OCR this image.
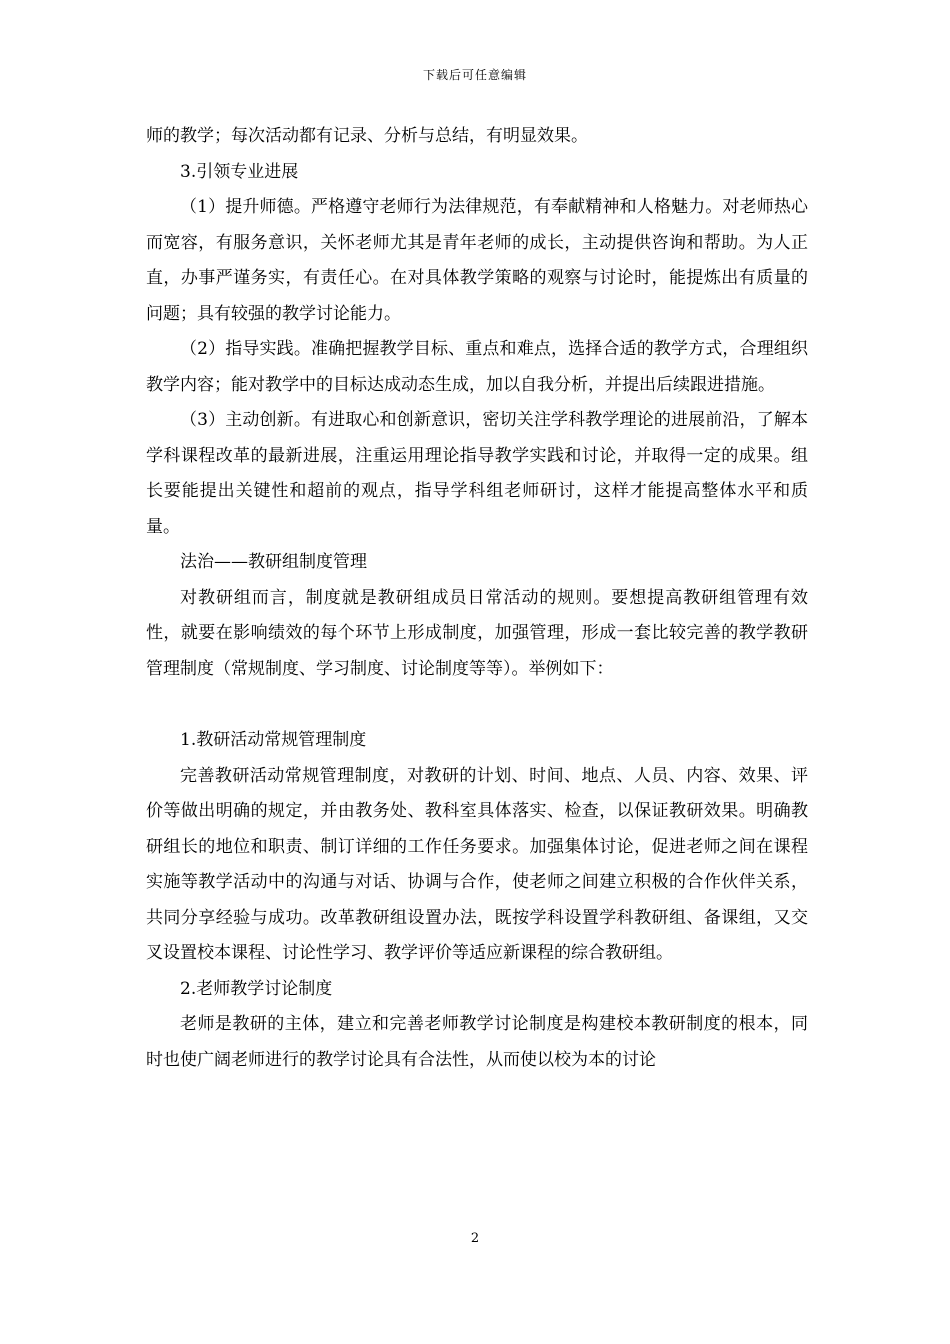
下载后可任意编辑

师的教学；每次活动都有记录、分析与总结，有明显效果。

3.引领专业进展

（1）提升师德。严格遵守老师行为法律规范，有奉献精神和人格魅力。对老师热心而宽容，有服务意识，关怀老师尤其是青年老师的成长，主动提供咨询和帮助。为人正直，办事严谨务实，有责任心。在对具体教学策略的观察与讨论时，能提炼出有质量的问题；具有较强的教学讨论能力。

（2）指导实践。准确把握教学目标、重点和难点，选择合适的教学方式，合理组织教学内容；能对教学中的目标达成动态生成，加以自我分析，并提出后续跟进措施。

（3）主动创新。有进取心和创新意识，密切关注学科教学理论的进展前沿，了解本学科课程改革的最新进展，注重运用理论指导教学实践和讨论，并取得一定的成果。组长要能提出关键性和超前的观点，指导学科组老师研讨，这样才能提高整体水平和质量。

法治——教研组制度管理

对教研组而言，制度就是教研组成员日常活动的规则。要想提高教研组管理有效性，就要在影响绩效的每个环节上形成制度，加强管理，形成一套比较完善的教学教研管理制度（常规制度、学习制度、讨论制度等等）。举例如下：

1.教研活动常规管理制度

完善教研活动常规管理制度，对教研的计划、时间、地点、人员、内容、效果、评价等做出明确的规定，并由教务处、教科室具体落实、检查，以保证教研效果。明确教研组长的地位和职责、制订详细的工作任务要求。加强集体讨论，促进老师之间在课程实施等教学活动中的沟通与对话、协调与合作，使老师之间建立积极的合作伙伴关系，共同分享经验与成功。改革教研组设置办法，既按学科设置学科教研组、备课组，又交叉设置校本课程、讨论性学习、教学评价等适应新课程的综合教研组。

2.老师教学讨论制度

老师是教研的主体，建立和完善老师教学讨论制度是构建校本教研制度的根本，同时也使广阔老师进行的教学讨论具有合法性，从而使以校为本的讨论

2
